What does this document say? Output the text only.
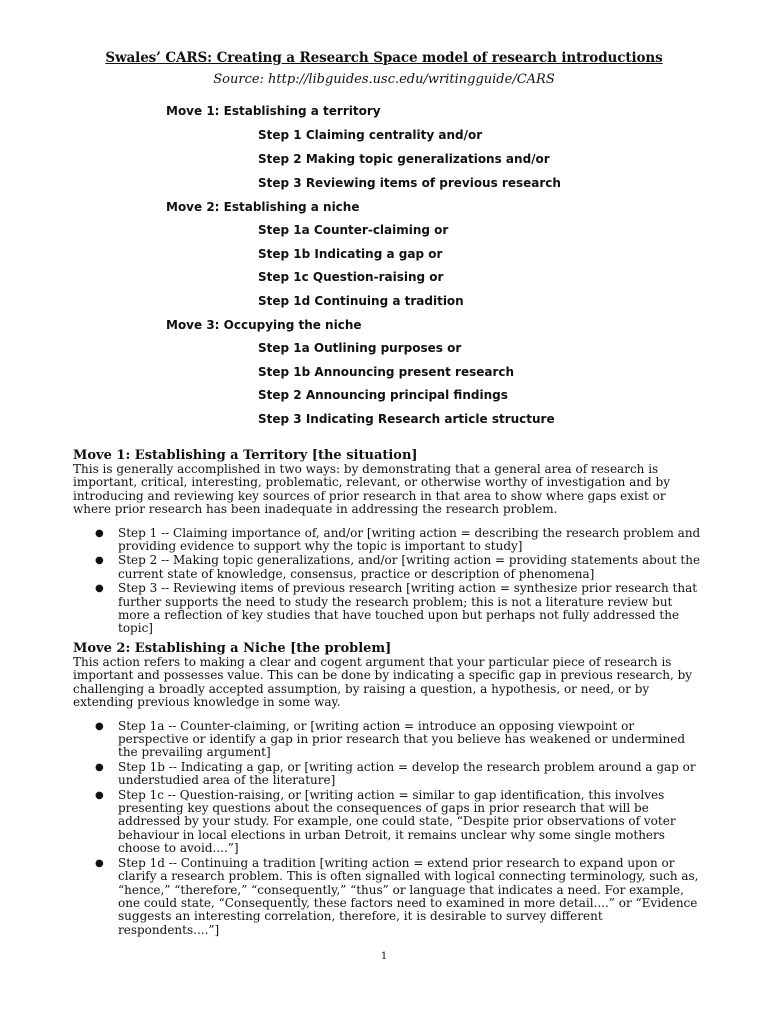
Swales’ CARS: Creating a Research Space model of research introductions
Source: http://libguides.usc.edu/writingguide/CARS
Move 1: Establishing a territory
Step 1 Claiming centrality and/or
Step 2 Making topic generalizations and/or
Step 3 Reviewing items of previous research
Move 2: Establishing a niche
Step 1a Counter-claiming or
Step 1b Indicating a gap or
Step 1c Question-raising or
Step 1d Continuing a tradition
Move 3: Occupying the niche
Step 1a Outlining purposes or
Step 1b Announcing present research
Step 2 Announcing principal findings
Step 3 Indicating Research article structure
Move 1: Establishing a Territory [the situation]

This is generally accomplished in two ways: by demonstrating that a general area of research is important, critical, interesting, problematic, relevant, or otherwise worthy of investigation and by introducing and reviewing key sources of prior research in that area to show where gaps exist or where prior research has been inadequate in addressing the research problem.

● Step 1 -- Claiming importance of, and/or [writing action = describing the research problem and providing evidence to support why the topic is important to study]
● Step 2 -- Making topic generalizations, and/or [writing action = providing statements about the current state of knowledge, consensus, practice or description of phenomena]
● Step 3 -- Reviewing items of previous research [writing action = synthesize prior research that further supports the need to study the research problem; this is not a literature review but more a reflection of key studies that have touched upon but perhaps not fully addressed the topic]
Move 2: Establishing a Niche [the problem]

This action refers to making a clear and cogent argument that your particular piece of research is important and possesses value. This can be done by indicating a specific gap in previous research, by challenging a broadly accepted assumption, by raising a question, a hypothesis, or need, or by extending previous knowledge in some way.

● Step 1a -- Counter-claiming, or [writing action = introduce an opposing viewpoint or perspective or identify a gap in prior research that you believe has weakened or undermined the prevailing argument]
● Step 1b -- Indicating a gap, or [writing action = develop the research problem around a gap or understudied area of the literature]
● Step 1c -- Question-raising, or [writing action = similar to gap identification, this involves presenting key questions about the consequences of gaps in prior research that will be addressed by your study. For example, one could state, “Despite prior observations of voter behaviour in local elections in urban Detroit, it remains unclear why some single mothers choose to avoid....”]
● Step 1d -- Continuing a tradition [writing action = extend prior research to expand upon or clarify a research problem. This is often signalled with logical connecting terminology, such as, “hence,” “therefore,” “consequently,” “thus” or language that indicates a need. For example, one could state, “Consequently, these factors need to examined in more detail....” or “Evidence suggests an interesting correlation, therefore, it is desirable to survey different respondents....”]
1
